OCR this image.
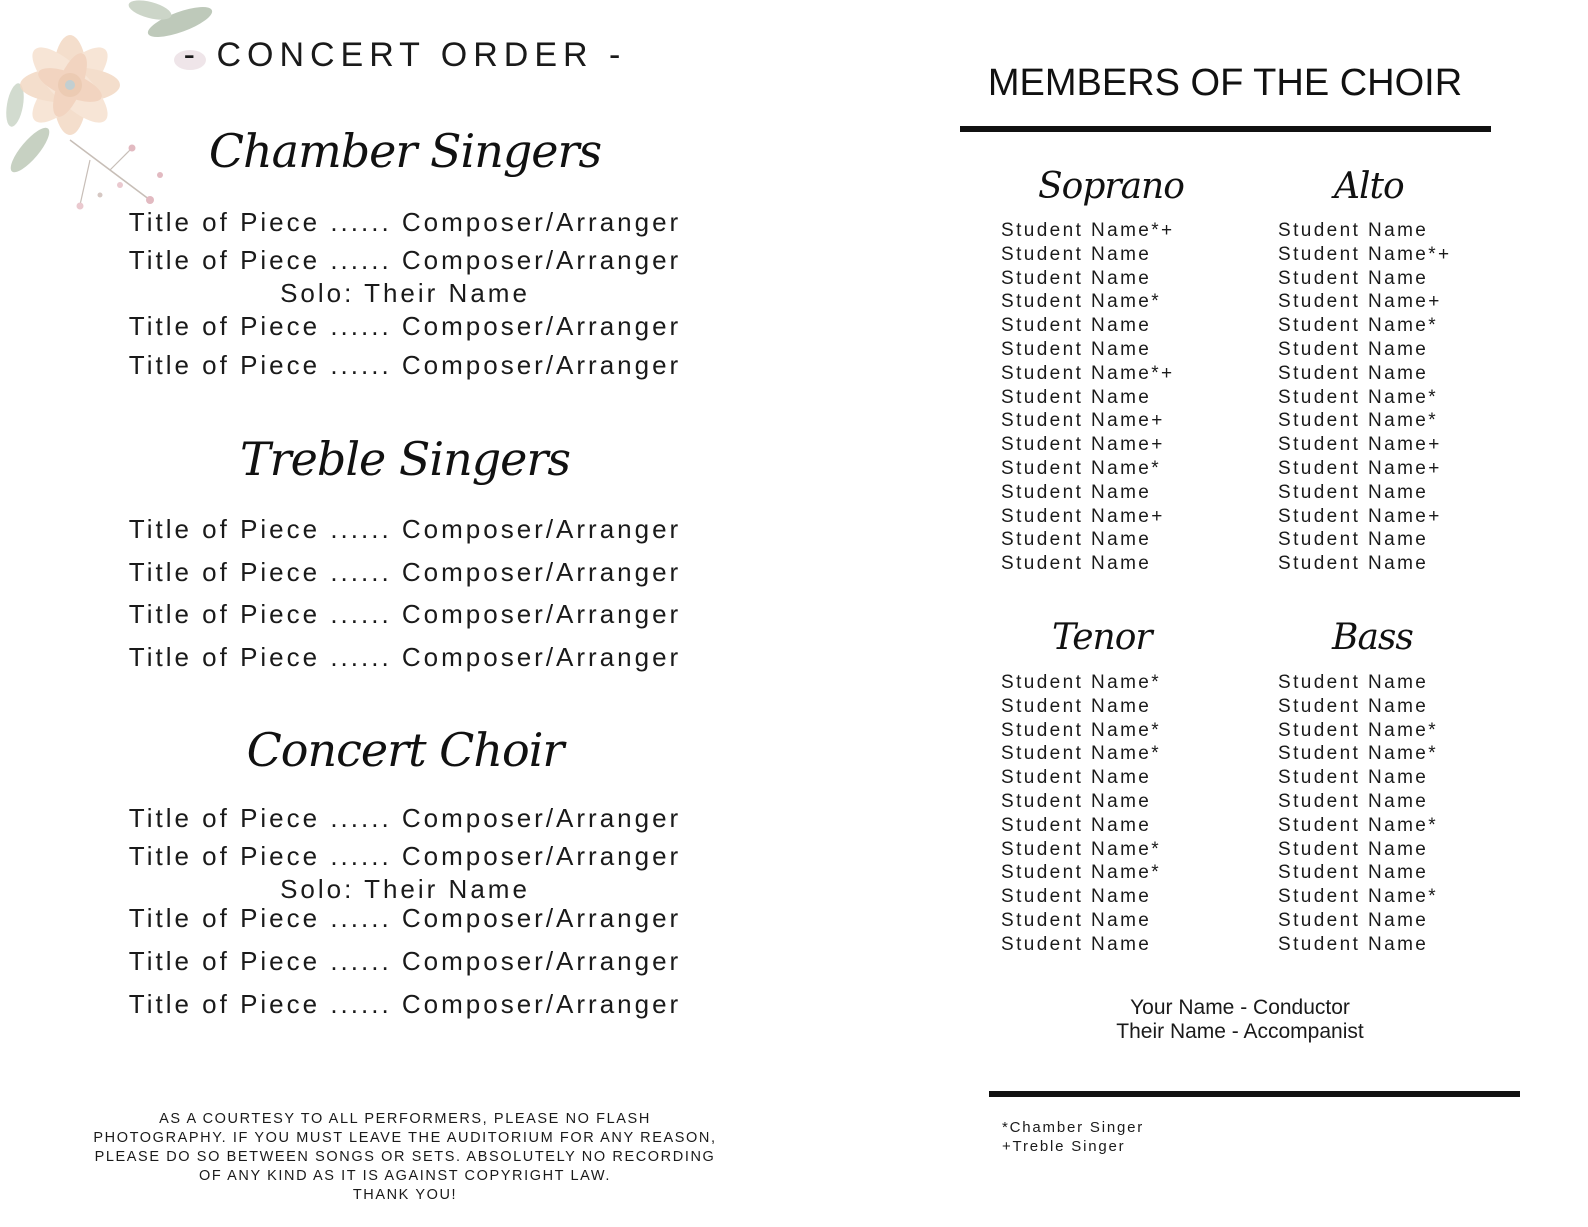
- CONCERT ORDER -
Chamber Singers
Title of Piece ...... Composer/Arranger
Title of Piece ...... Composer/Arranger
Solo: Their Name
Title of Piece ...... Composer/Arranger
Title of Piece ...... Composer/Arranger
Treble Singers
Title of Piece ...... Composer/Arranger
Title of Piece ...... Composer/Arranger
Title of Piece ...... Composer/Arranger
Title of Piece ...... Composer/Arranger
Concert Choir
Title of Piece ...... Composer/Arranger
Title of Piece ...... Composer/Arranger
Solo: Their Name
Title of Piece ...... Composer/Arranger
Title of Piece ...... Composer/Arranger
Title of Piece ...... Composer/Arranger
AS A COURTESY TO ALL PERFORMERS, PLEASE NO FLASH
PHOTOGRAPHY. IF YOU MUST LEAVE THE AUDITORIUM FOR ANY REASON,
PLEASE DO SO BETWEEN SONGS OR SETS. ABSOLUTELY NO RECORDING
OF ANY KIND AS IT IS AGAINST COPYRIGHT LAW.
THANK YOU!
MEMBERS OF THE CHOIR
Soprano
Student Name*+
Student Name
Student Name
Student Name*
Student Name
Student Name
Student Name*+
Student Name
Student Name+
Student Name+
Student Name*
Student Name
Student Name+
Student Name
Student Name
Alto
Student Name
Student Name*+
Student Name
Student Name+
Student Name*
Student Name
Student Name
Student Name*
Student Name*
Student Name+
Student Name+
Student Name
Student Name+
Student Name
Student Name
Tenor
Student Name*
Student Name
Student Name*
Student Name*
Student Name
Student Name
Student Name
Student Name*
Student Name*
Student Name
Student Name
Student Name
Bass
Student Name
Student Name
Student Name*
Student Name*
Student Name
Student Name
Student Name*
Student Name
Student Name
Student Name*
Student Name
Student Name
Your Name - Conductor
Their Name - Accompanist
*Chamber Singer
+Treble Singer
